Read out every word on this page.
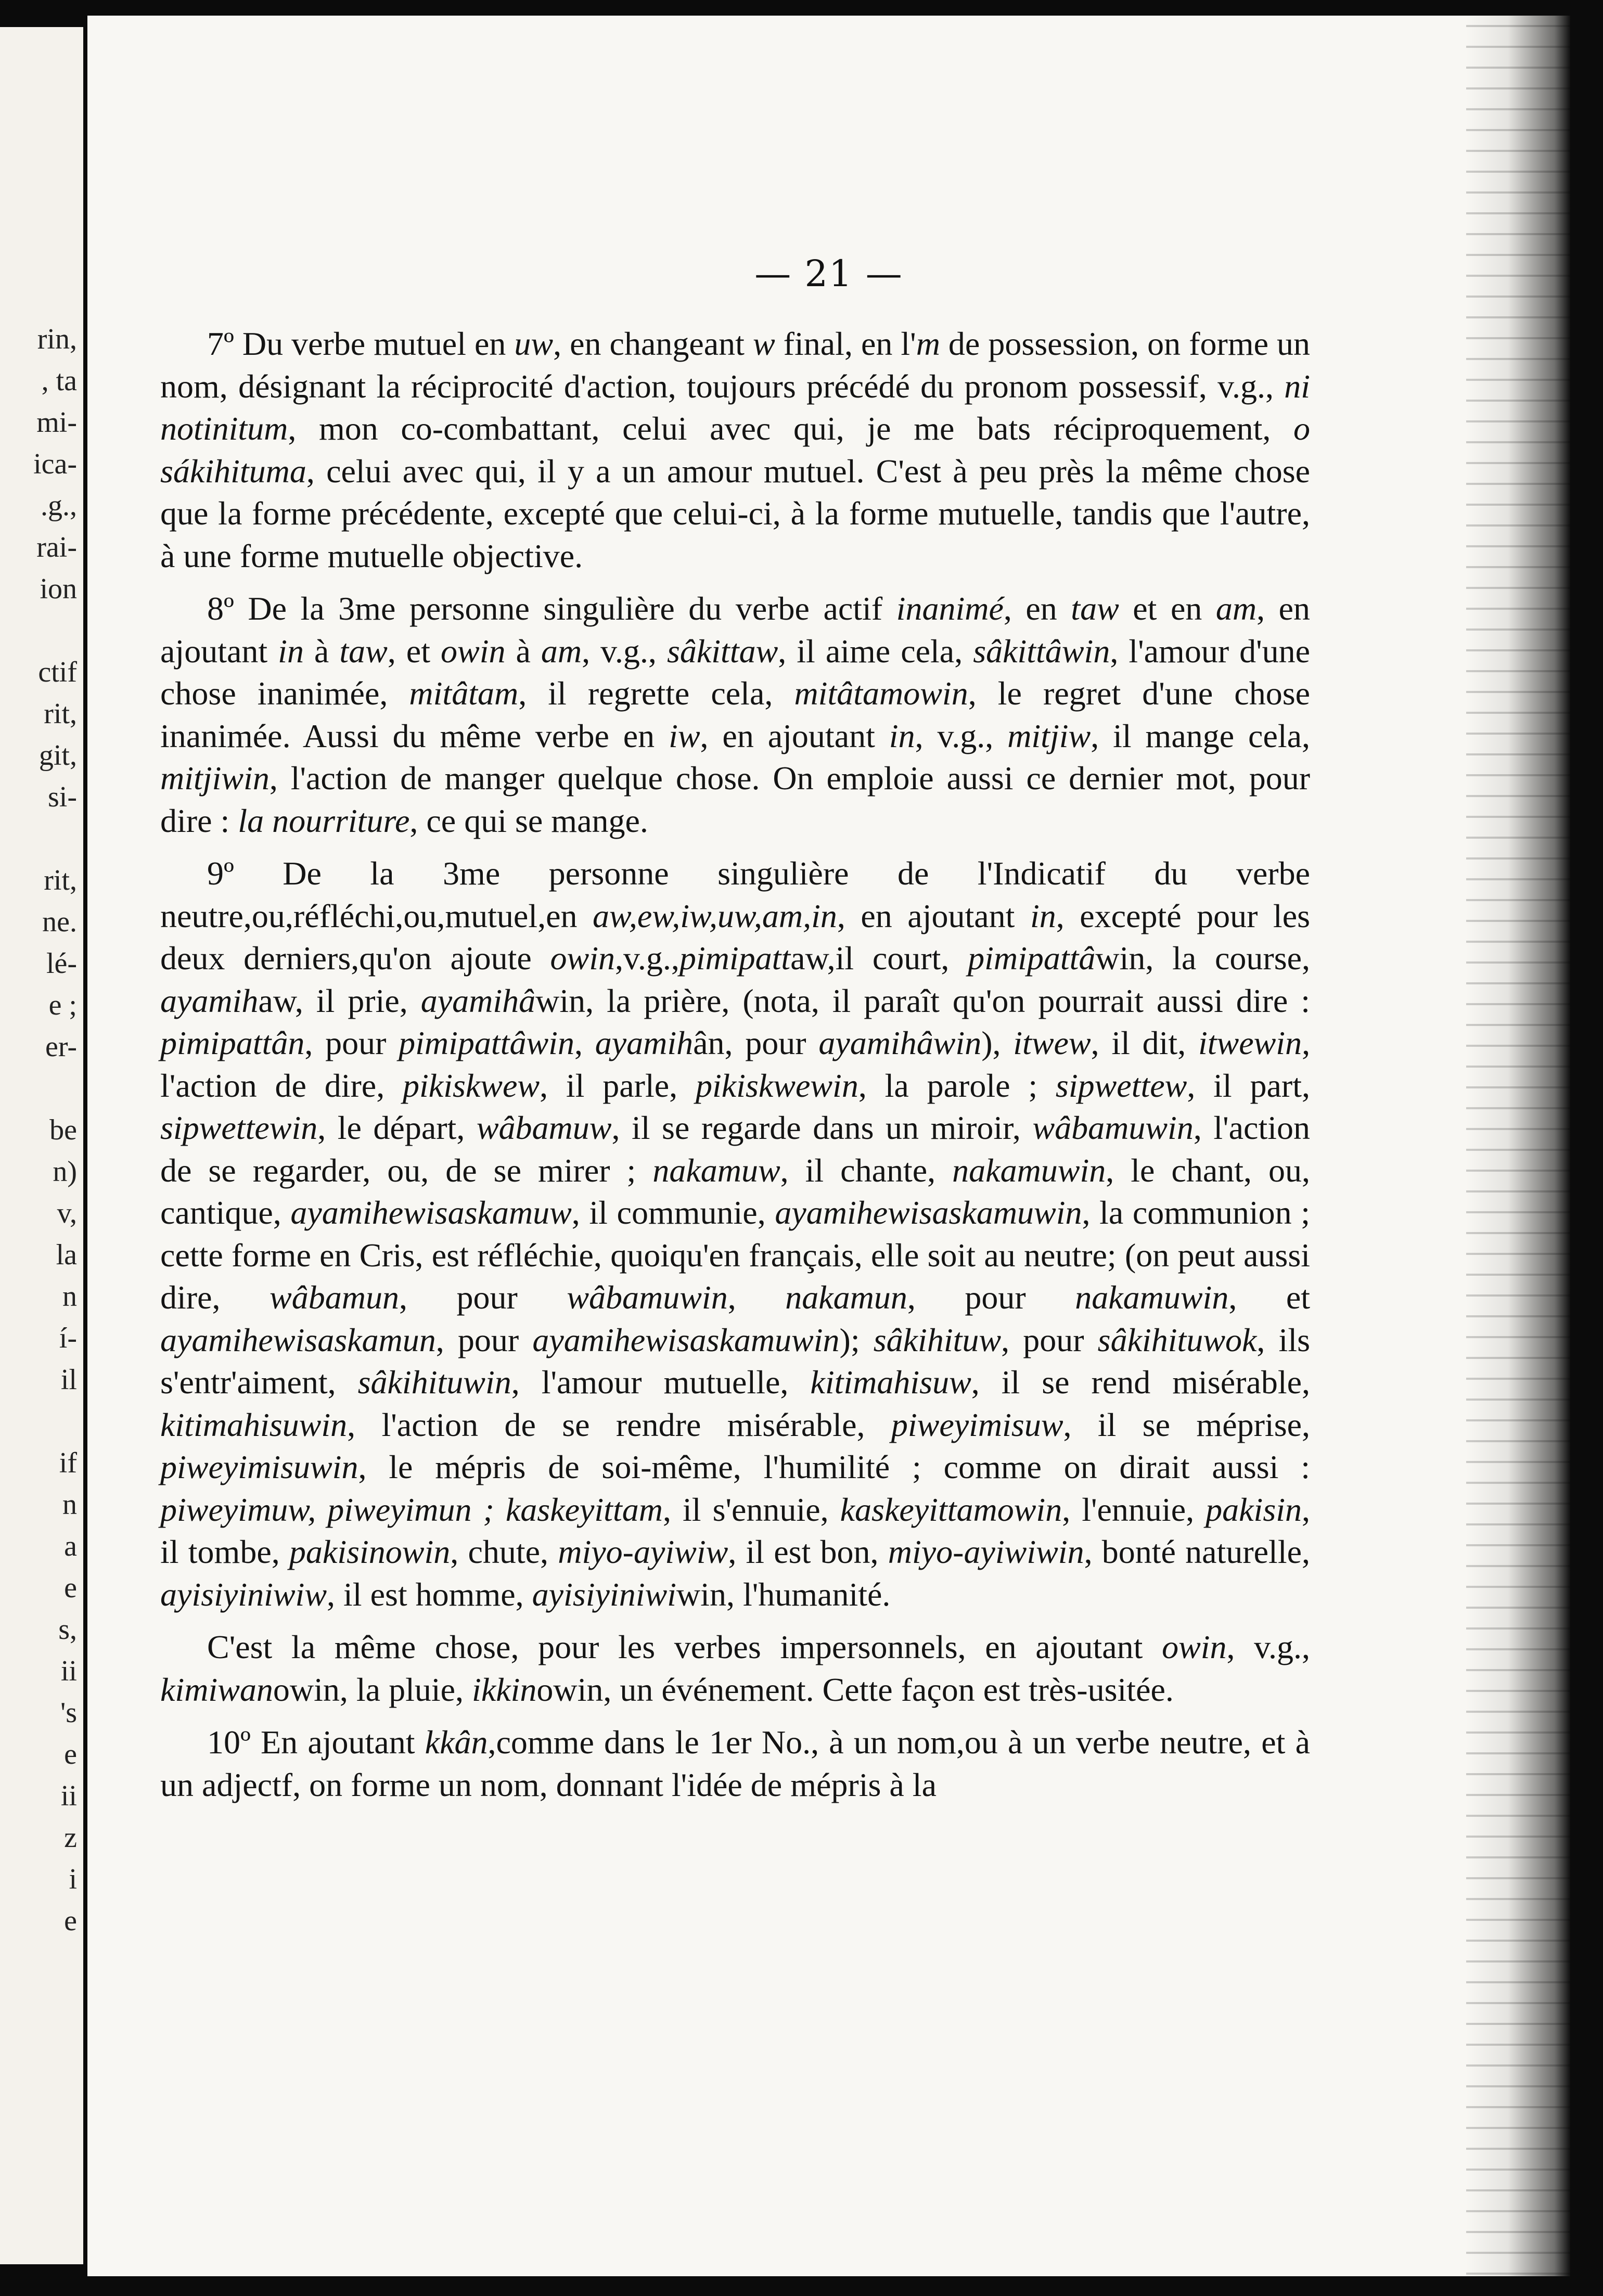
rin,
, ta
mi-
ica-
.g.,
rai-
ion
ctif
rit,
git,
si-
rit,
ne.
lé-
e ;
er-
be
n)
v,
la
n
í-
il
if
n
a
e
s,
ii
's
e
ii
z
i
e
— 21 —

7º Du verbe mutuel en uw, en changeant w final, en l'm de possession, on forme un nom, désignant la réciprocité d'action, toujours précédé du pronom possessif, v.g., ni notinitum, mon co-combattant, celui avec qui, je me bats réciproquement, o sákihituma, celui avec qui, il y a un amour mutuel. C'est à peu près la même chose que la forme précédente, excepté que celui-ci, à la forme mutuelle, tandis que l'autre, à une forme mutuelle objective.

8º De la 3me personne singulière du verbe actif inanimé, en taw et en am, en ajoutant in à taw, et owin à am, v.g., sâkittaw, il aime cela, sâkittâwin, l'amour d'une chose inanimée, mitâtam, il regrette cela, mitâtamowin, le regret d'une chose inanimée. Aussi du même verbe en iw, en ajoutant in, v.g., mitjiw, il mange cela, mitjiwin, l'action de manger quelque chose. On emploie aussi ce dernier mot, pour dire : la nourriture, ce qui se mange.

9º De la 3me personne singulière de l'Indicatif du verbe neutre,ou,réfléchi,ou,mutuel,en aw,ew,iw,uw,am,in, en ajoutant in, excepté pour les deux derniers,qu'on ajoute owin,v.g.,pimipattaw,il court, pimipattâwin, la course, ayamihaw, il prie, ayamihâwin, la prière, (nota, il paraît qu'on pourrait aussi dire : pimipattân, pour pimipattâwin, ayamihân, pour ayamihâwin), itwew, il dit, itwewin, l'action de dire, pikiskwew, il parle, pikiskwewin, la parole ; sipwettew, il part, sipwettewin, le départ, wâbamuw, il se regarde dans un miroir, wâbamuwin, l'action de se regarder, ou, de se mirer ; nakamuw, il chante, nakamuwin, le chant, ou, cantique, ayamihewisaskamuw, il communie, ayamihewisaskamuwin, la communion ; cette forme en Cris, est réfléchie, quoiqu'en français, elle soit au neutre; (on peut aussi dire, wâbamun, pour wâbamuwin, nakamun, pour nakamuwin, et ayamihewisaskamun, pour ayamihewisaskamuwin); sâkihituw, pour sâkihituwok, ils s'entr'aiment, sâkihituwin, l'amour mutuelle, kitimahisuw, il se rend misérable, kitimahisuwin, l'action de se rendre misérable, piweyimisuw, il se méprise, piweyimisuwin, le mépris de soi-même, l'humilité ; comme on dirait aussi : piweyimuw, piweyimun ; kaskeyittam, il s'ennuie, kaskeyittamowin, l'ennuie, pakisin, il tombe, pakisinowin, chute, miyo-ayiwiw, il est bon, miyo-ayiwiwin, bonté naturelle, ayisiyiniwiw, il est homme, ayisiyiniwiwin, l'humanité.

C'est la même chose, pour les verbes impersonnels, en ajoutant owin, v.g., kimiwanowin, la pluie, ikkinowin, un événement. Cette façon est très-usitée.

10º En ajoutant kkân,comme dans le 1er No., à un nom,ou à un verbe neutre, et à un adjectf, on forme un nom, donnant l'idée de mépris à la
